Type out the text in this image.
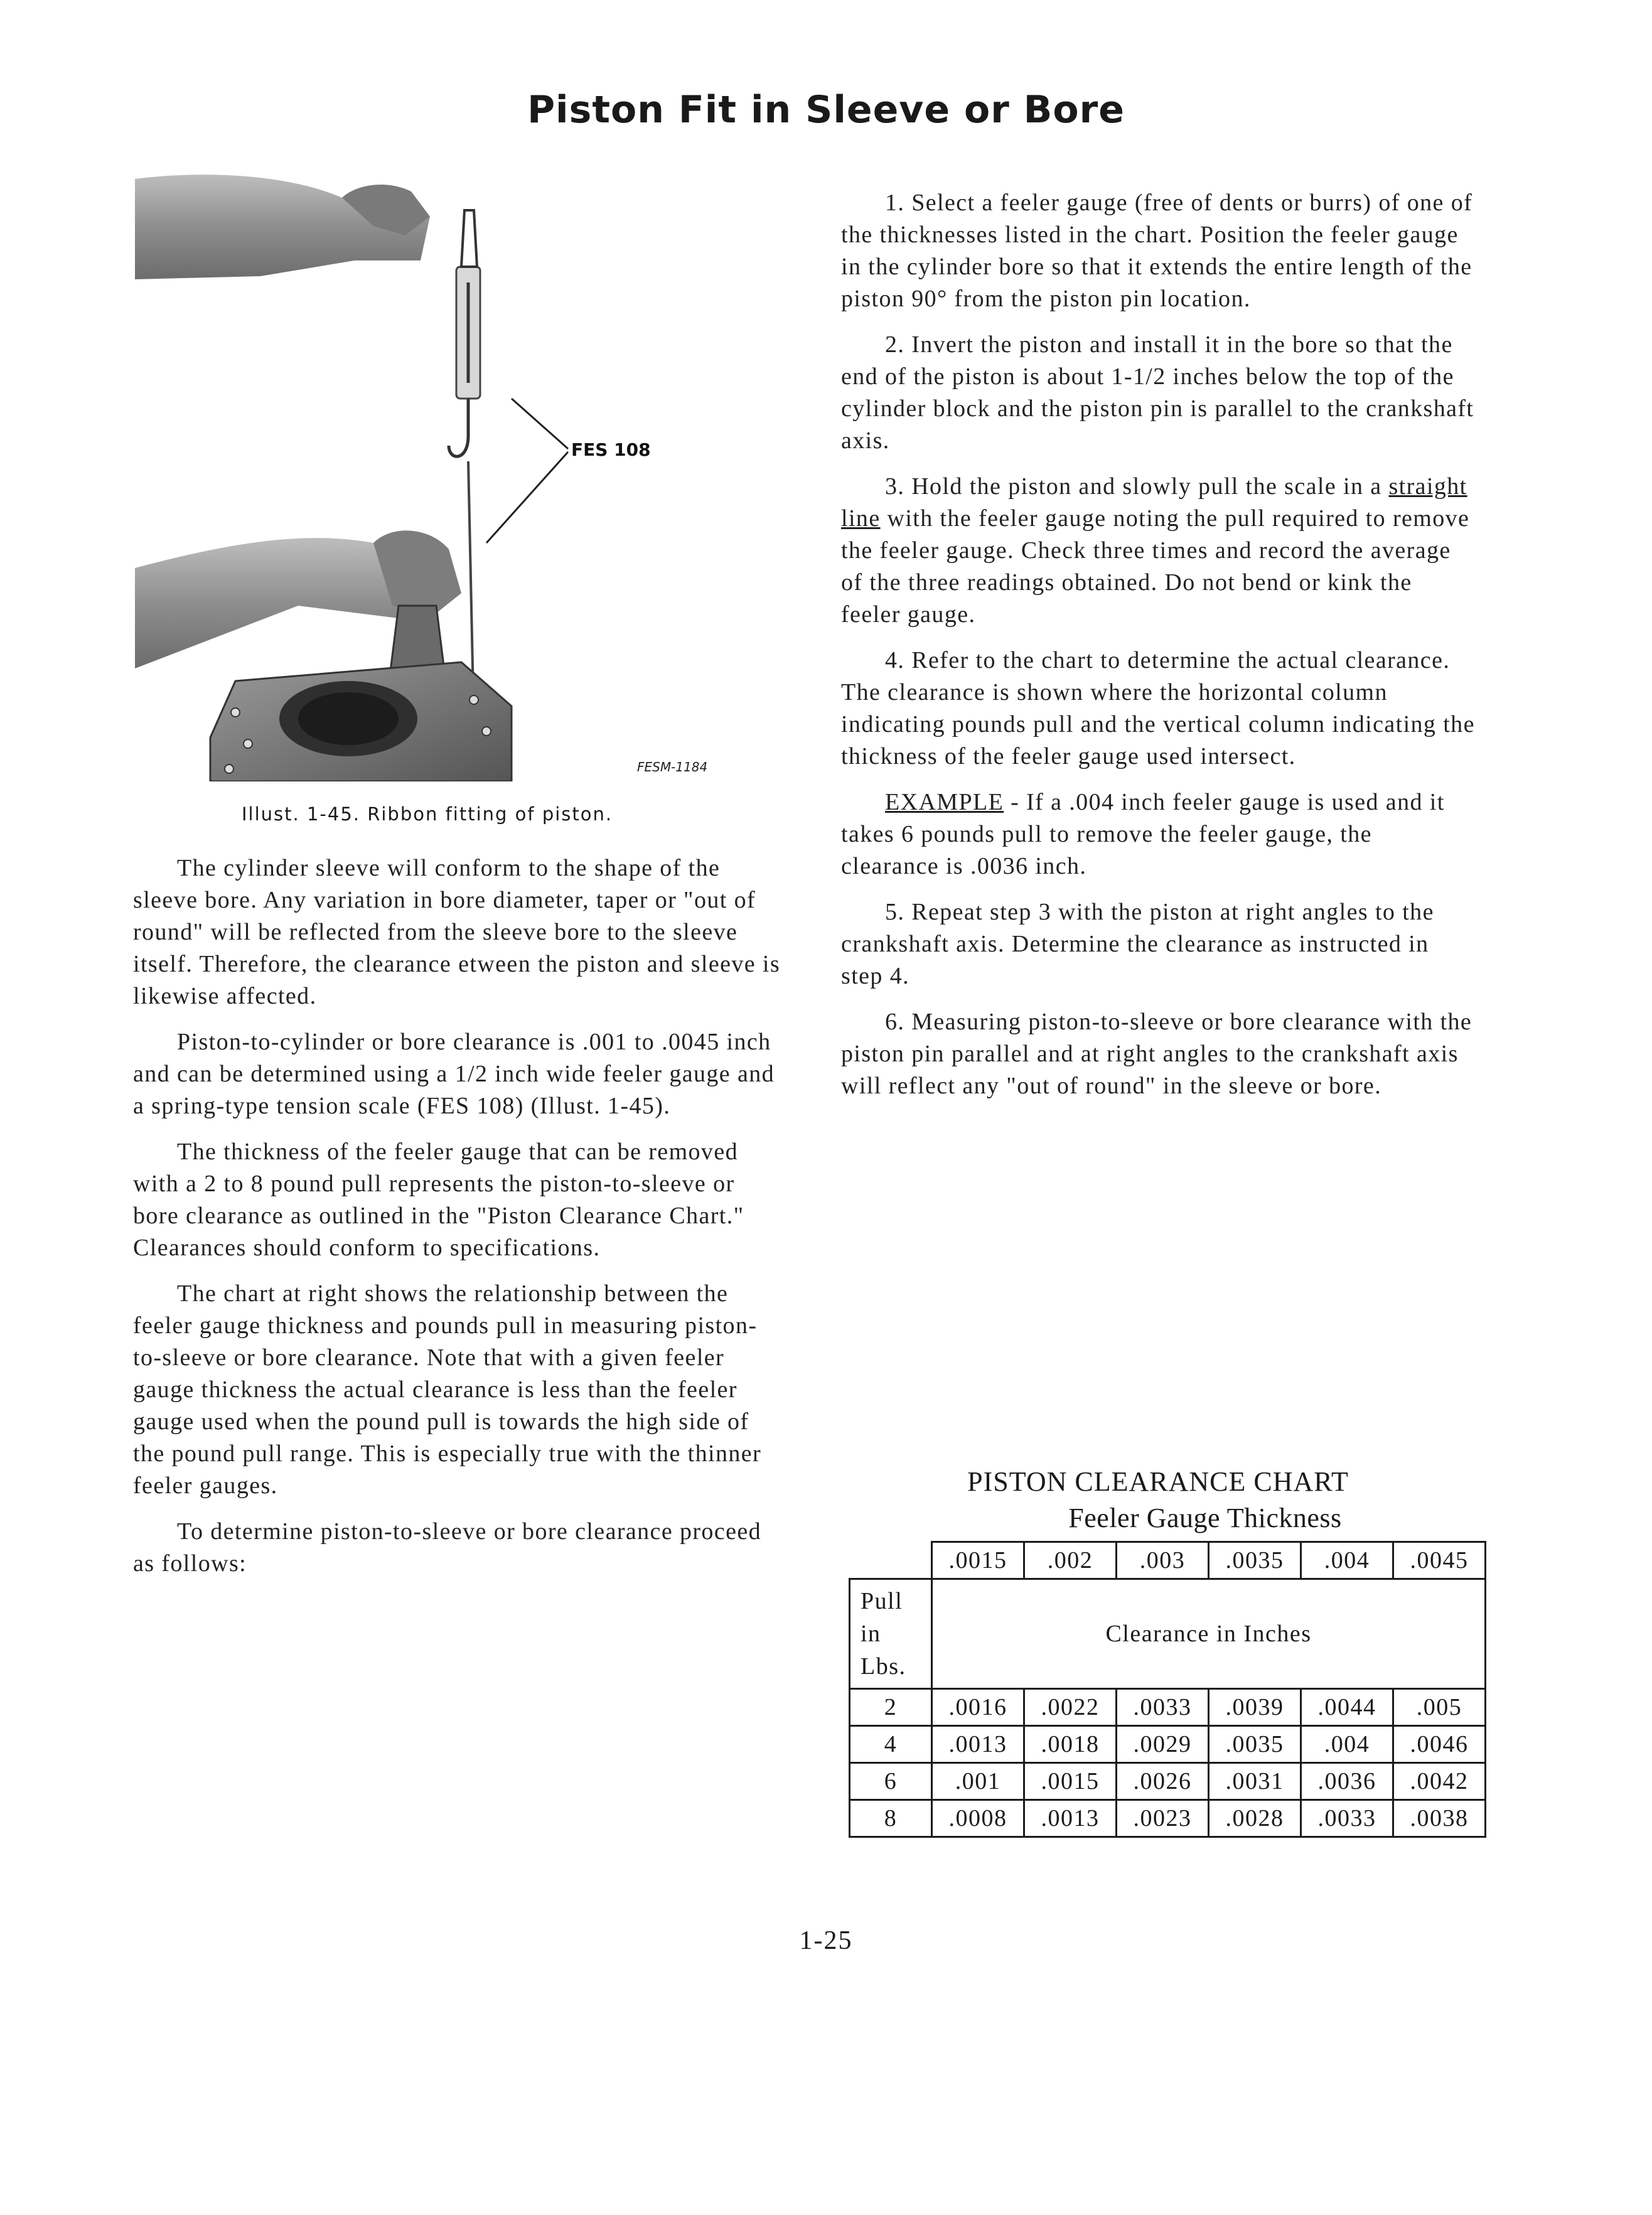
Piston Fit in Sleeve or Bore
FES 108
FESM-1184
Illust. 1-45. Ribbon fitting of piston.

The cylinder sleeve will conform to the shape of the sleeve bore. Any variation in bore diameter, taper or "out of round" will be reflected from the sleeve bore to the sleeve itself. Therefore, the clearance etween the piston and sleeve is likewise affected.

Piston-to-cylinder or bore clearance is .001 to .0045 inch and can be determined using a 1/2 inch wide feeler gauge and a spring-type tension scale (FES 108) (Illust. 1-45).

The thickness of the feeler gauge that can be removed with a 2 to 8 pound pull represents the piston-to-sleeve or bore clearance as outlined in the "Piston Clearance Chart." Clearances should conform to specifications.

The chart at right shows the relationship between the feeler gauge thickness and pounds pull in measuring piston-to-sleeve or bore clearance. Note that with a given feeler gauge thickness the actual clearance is less than the feeler gauge used when the pound pull is towards the high side of the pound pull range. This is especially true with the thinner feeler gauges.

To determine piston-to-sleeve or bore clearance proceed as follows:

1. Select a feeler gauge (free of dents or burrs) of one of the thicknesses listed in the chart. Position the feeler gauge in the cylinder bore so that it extends the entire length of the piston 90° from the piston pin location.

2. Invert the piston and install it in the bore so that the end of the piston is about 1-1/2 inches below the top of the cylinder block and the piston pin is parallel to the crankshaft axis.

3. Hold the piston and slowly pull the scale in a straight line with the feeler gauge noting the pull required to remove the feeler gauge. Check three times and record the average of the three readings obtained. Do not bend or kink the feeler gauge.

4. Refer to the chart to determine the actual clearance. The clearance is shown where the horizontal column indicating pounds pull and the vertical column indicating the thickness of the feeler gauge used intersect.

EXAMPLE - If a .004 inch feeler gauge is used and it takes 6 pounds pull to remove the feeler gauge, the clearance is .0036 inch.

5. Repeat step 3 with the piston at right angles to the crankshaft axis. Determine the clearance as instructed in step 4.

6. Measuring piston-to-sleeve or bore clearance with the piston pin parallel and at right angles to the crankshaft axis will reflect any "out of round" in the sleeve or bore.

PISTON CLEARANCE CHART
Feeler Gauge Thickness
	.0015	.002	.003	.0035	.004	.0045
Pull
in
Lbs.	Clearance in Inches					
2	.0016	.0022	.0033	.0039	.0044	.005
4	.0013	.0018	.0029	.0035	.004	.0046
6	.001	.0015	.0026	.0031	.0036	.0042
8	.0008	.0013	.0023	.0028	.0033	.0038
1-25
